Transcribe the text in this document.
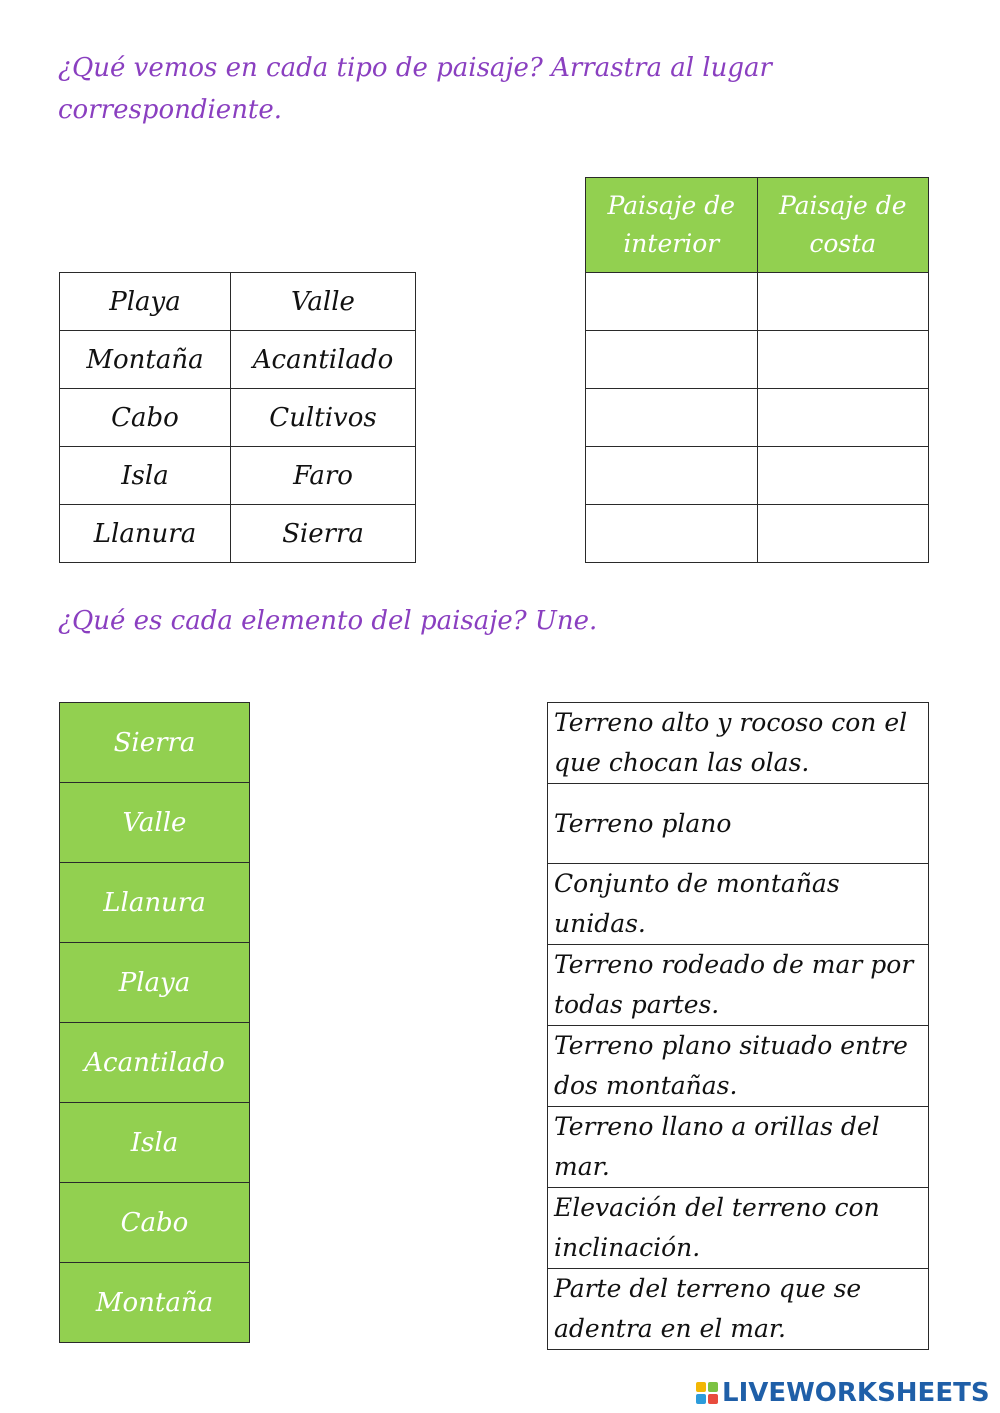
¿Qué vemos en cada tipo de paisaje? Arrastra al lugar correspondiente.

Playa	Valle
Montaña	Acantilado
Cabo	Cultivos
Isla	Faro
Llanura	Sierra
Paisaje de interior	Paisaje de costa

¿Qué es cada elemento del paisaje? Une.

Sierra
Valle
Llanura
Playa
Acantilado
Isla
Cabo
Montaña
Terreno alto y rocoso con el que chocan las olas.
Terreno plano
Conjunto de montañas unidas.
Terreno rodeado de mar por todas partes.
Terreno plano situado entre dos montañas.
Terreno llano a orillas del mar.
Elevación del terreno con inclinación.
Parte del terreno que se adentra en el mar.
LIVEWORKSHEETS
